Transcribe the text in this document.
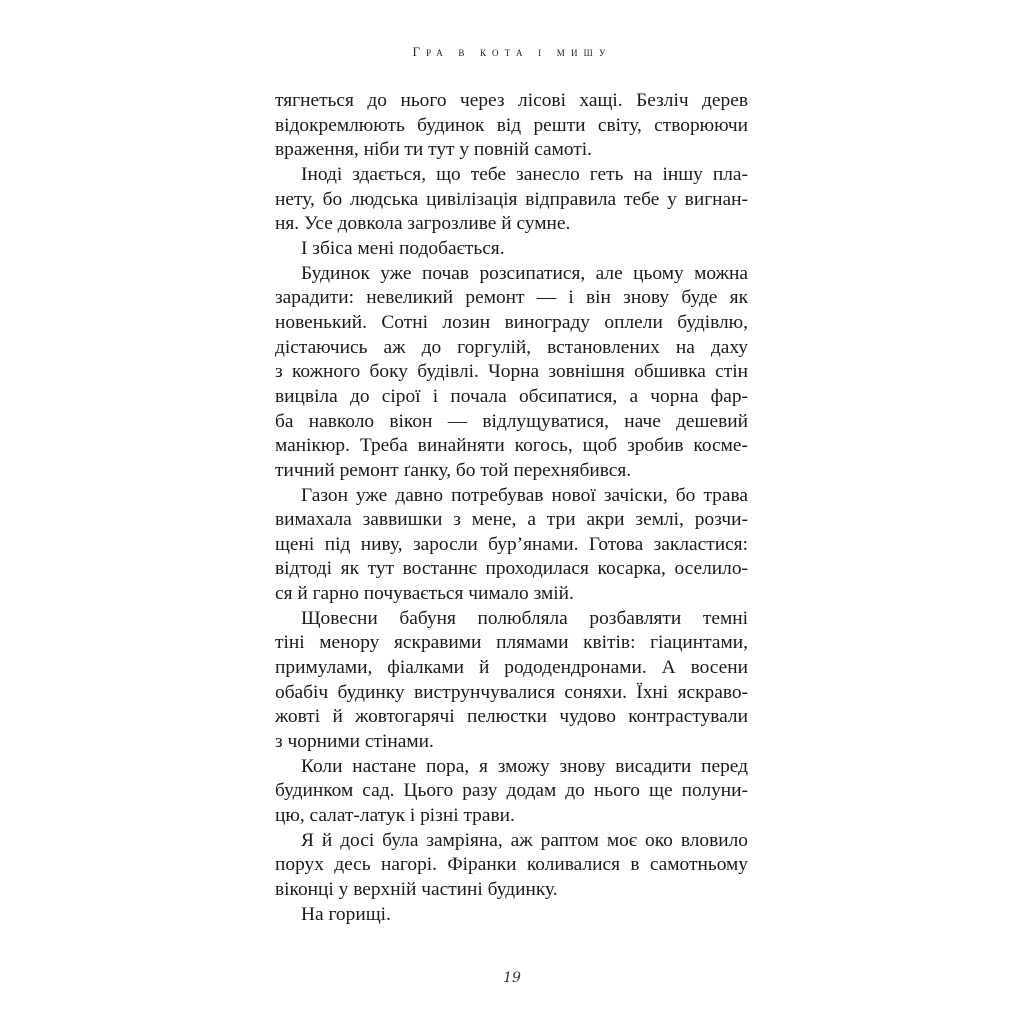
Гра в кота і мишу
тягнеться до нього через лісові хащі. Безліч дерев
відокремлюють будинок від решти світу, створюючи
враження, ніби ти тут у повній самоті.
Іноді здається, що тебе занесло геть на іншу пла-
нету, бо людська цивілізація відправила тебе у вигнан-
ня. Усе довкола загрозливе й сумне.
І збіса мені подобається.
Будинок уже почав розсипатися, але цьому можна
зарадити: невеликий ремонт — і він знову буде як
новенький. Сотні лозин винограду оплели будівлю,
дістаючись аж до горгулій, встановлених на даху
з кожного боку будівлі. Чорна зовнішня обшивка стін
вицвіла до сірої і почала обсипатися, а чорна фар-
ба навколо вікон –– відлущуватися, наче дешевий
манікюр. Треба винайняти когось, щоб зробив косме-
тичний ремонт ґанку, бо той перехнябився.
Газон уже давно потребував нової зачіски, бо трава
вимахала заввишки з мене, а три акри землі, розчи-
щені під ниву, заросли бур’янами. Готова закластися:
відтоді як тут востаннє проходилася косарка, оселило-
ся й гарно почувається чимало змій.
Щовесни бабуня полюбляла розбавляти темні
тіні менору яскравими плямами квітів: гіацинтами,
примулами, фіалками й рододендронами. А восени
обабіч будинку виструнчувалися соняхи. Їхні яскраво-
жовті й жовтогарячі пелюстки чудово контрастували
з чорними стінами.
Коли настане пора, я зможу знову висадити перед
будинком сад. Цього разу додам до нього ще полуни-
цю, салат-латук і різні трави.
Я й досі була замріяна, аж раптом моє око вловило
порух десь нагорі. Фіранки коливалися в самотньому
віконці у верхній частині будинку.
На горищі.
19
